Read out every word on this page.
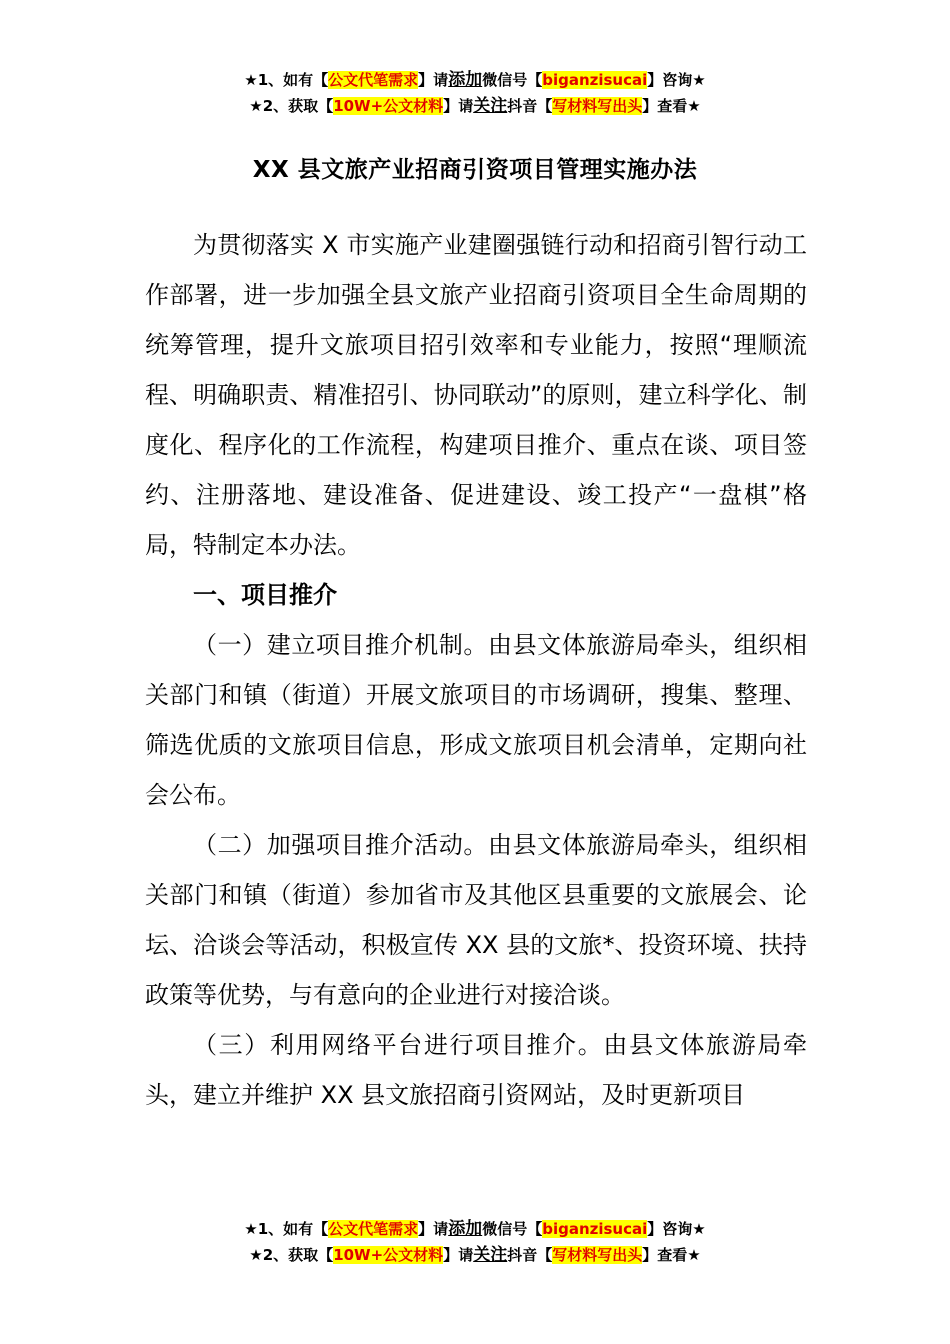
★1、如有【公文代笔需求】请添加微信号【biganzisucai】咨询★
★2、获取【10W+公文材料】请关注抖音【写材料写出头】查看★
XX 县文旅产业招商引资项目管理实施办法

为贯彻落实 X 市实施产业建圈强链行动和招商引智行动工作部署，进一步加强全县文旅产业招商引资项目全生命周期的统筹管理，提升文旅项目招引效率和专业能力，按照“理顺流程、明确职责、精准招引、协同联动”的原则，建立科学化、制度化、程序化的工作流程，构建项目推介、重点在谈、项目签约、注册落地、建设准备、促进建设、竣工投产“一盘棋”格局，特制定本办法。

一、项目推介

（一）建立项目推介机制。由县文体旅游局牵头，组织相关部门和镇（街道）开展文旅项目的市场调研，搜集、整理、筛选优质的文旅项目信息，形成文旅项目机会清单，定期向社会公布。

（二）加强项目推介活动。由县文体旅游局牵头，组织相关部门和镇（街道）参加省市及其他区县重要的文旅展会、论坛、洽谈会等活动，积极宣传 XX 县的文旅*、投资环境、扶持政策等优势，与有意向的企业进行对接洽谈。

（三）利用网络平台进行项目推介。由县文体旅游局牵头，建立并维护 XX 县文旅招商引资网站，及时更新项目

★1、如有【公文代笔需求】请添加微信号【biganzisucai】咨询★
★2、获取【10W+公文材料】请关注抖音【写材料写出头】查看★
